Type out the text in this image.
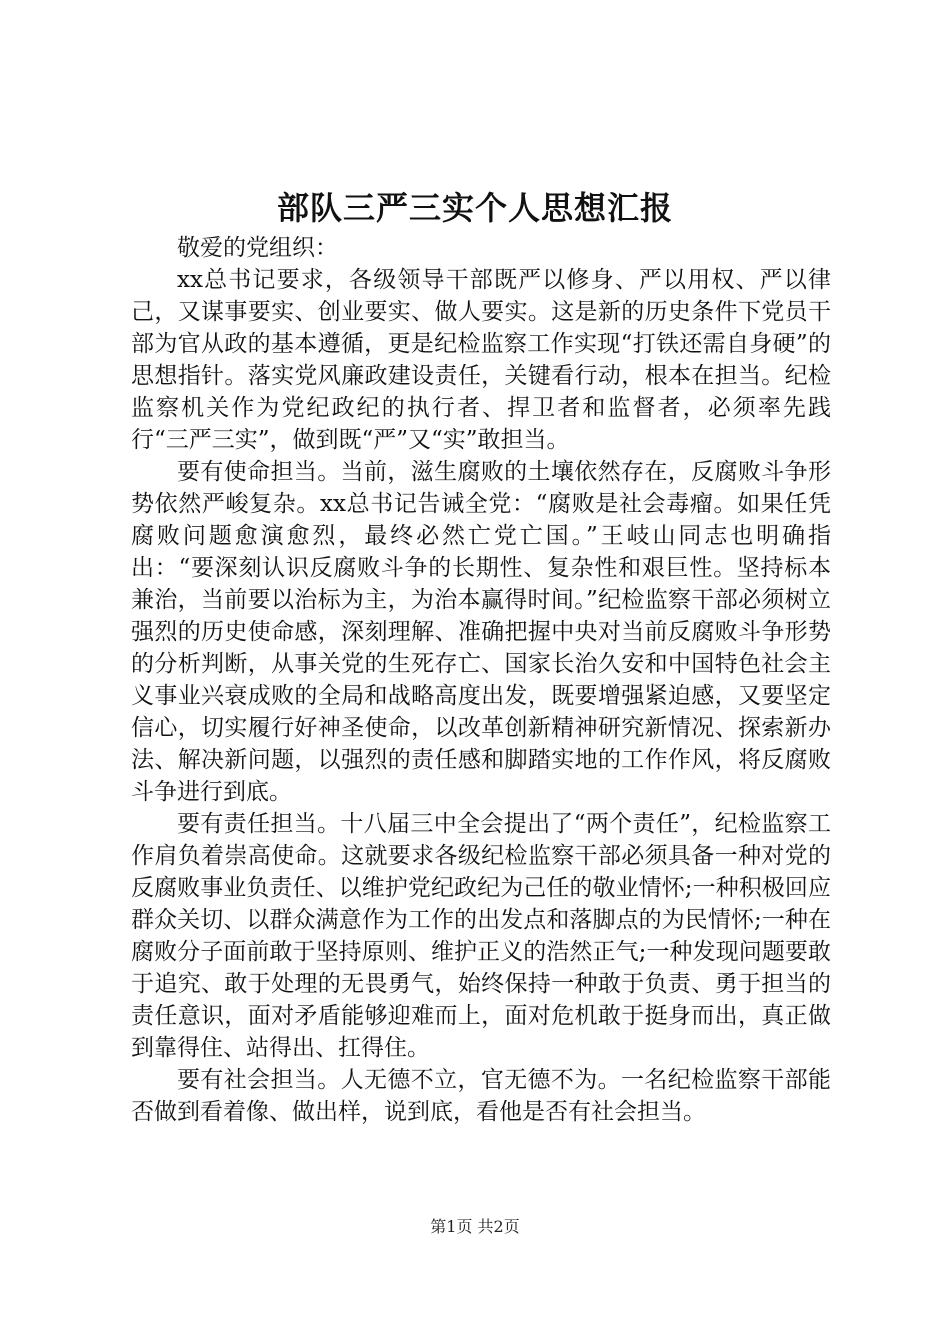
部队三严三实个人思想汇报

敬爱的党组织：

xx总书记要求，各级领导干部既严以修身、严以用权、严以律己，又谋事要实、创业要实、做人要实。这是新的历史条件下党员干部为官从政的基本遵循，更是纪检监察工作实现“打铁还需自身硬”的思想指针。落实党风廉政建设责任，关键看行动，根本在担当。纪检监察机关作为党纪政纪的执行者、捍卫者和监督者，必须率先践行“三严三实”，做到既“严”又“实”敢担当。

要有使命担当。当前，滋生腐败的土壤依然存在，反腐败斗争形势依然严峻复杂。xx总书记告诫全党：“腐败是社会毒瘤。如果任凭腐败问题愈演愈烈，最终必然亡党亡国。”王岐山同志也明确指出：“要深刻认识反腐败斗争的长期性、复杂性和艰巨性。坚持标本兼治，当前要以治标为主，为治本赢得时间。”纪检监察干部必须树立强烈的历史使命感，深刻理解、准确把握中央对当前反腐败斗争形势的分析判断，从事关党的生死存亡、国家长治久安和中国特色社会主义事业兴衰成败的全局和战略高度出发，既要增强紧迫感，又要坚定信心，切实履行好神圣使命，以改革创新精神研究新情况、探索新办法、解决新问题，以强烈的责任感和脚踏实地的工作作风，将反腐败斗争进行到底。

要有责任担当。十八届三中全会提出了“两个责任”，纪检监察工作肩负着崇高使命。这就要求各级纪检监察干部必须具备一种对党的反腐败事业负责任、以维护党纪政纪为己任的敬业情怀;一种积极回应群众关切、以群众满意作为工作的出发点和落脚点的为民情怀;一种在腐败分子面前敢于坚持原则、维护正义的浩然正气;一种发现问题要敢于追究、敢于处理的无畏勇气，始终保持一种敢于负责、勇于担当的责任意识，面对矛盾能够迎难而上，面对危机敢于挺身而出，真正做到靠得住、站得出、扛得住。

要有社会担当。人无德不立，官无德不为。一名纪检监察干部能否做到看着像、做出样，说到底，看他是否有社会担当。

第1页 共2页
